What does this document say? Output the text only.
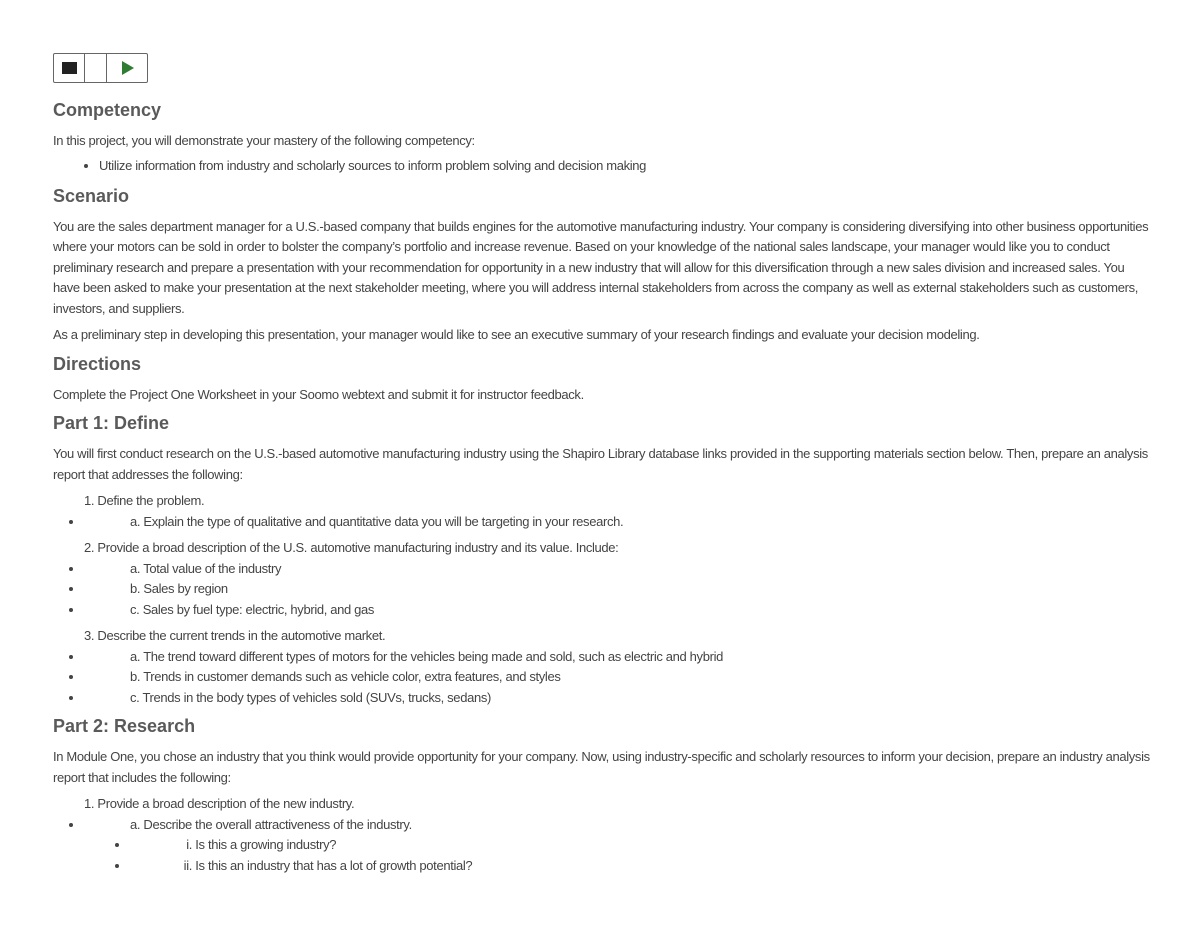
Competency

In this project, you will demonstrate your mastery of the following competency:

• Utilize information from industry and scholarly sources to inform problem solving and decision making
Scenario

You are the sales department manager for a U.S.-based company that builds engines for the automotive manufacturing industry. Your company is considering diversifying into other business opportunities where your motors can be sold in order to bolster the company’s portfolio and increase revenue. Based on your knowledge of the national sales landscape, your manager would like you to conduct preliminary research and prepare a presentation with your recommendation for opportunity in a new industry that will allow for this diversification through a new sales division and increased sales. You have been asked to make your presentation at the next stakeholder meeting, where you will address internal stakeholders from across the company as well as external stakeholders such as customers, investors, and suppliers.

As a preliminary step in developing this presentation, your manager would like to see an executive summary of your research findings and evaluate your decision modeling.

Directions

Complete the Project One Worksheet in your Soomo webtext and submit it for instructor feedback.

Part 1: Define

You will first conduct research on the U.S.-based automotive manufacturing industry using the Shapiro Library database links provided in the supporting materials section below. Then, prepare an analysis report that addresses the following:

1. Define the problem.
• a. Explain the type of qualitative and quantitative data you will be targeting in your research.
2. Provide a broad description of the U.S. automotive manufacturing industry and its value. Include:
• a. Total value of the industry
• b. Sales by region
• c. Sales by fuel type: electric, hybrid, and gas
3. Describe the current trends in the automotive market.
• a. The trend toward different types of motors for the vehicles being made and sold, such as electric and hybrid
• b. Trends in customer demands such as vehicle color, extra features, and styles
• c. Trends in the body types of vehicles sold (SUVs, trucks, sedans)
Part 2: Research

In Module One, you chose an industry that you think would provide opportunity for your company. Now, using industry-specific and scholarly resources to inform your decision, prepare an industry analysis report that includes the following:

1. Provide a broad description of the new industry.
• a. Describe the overall attractiveness of the industry.
• i. Is this a growing industry?
• ii. Is this an industry that has a lot of growth potential?
